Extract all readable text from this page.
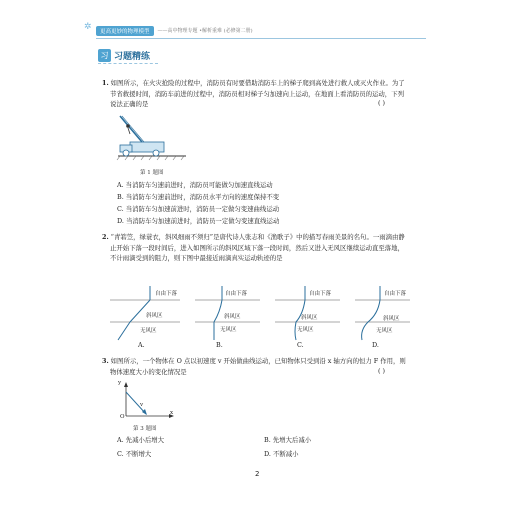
✲	更高更妙的物理模型	——高中物理专题 •解析重难 (必修第二册)
习 习题精练
1. 如图所示，在火灾抢险的过程中，消防员有时要借助消防车上的梯子爬到高处进行救人或灭火作业。为了节省救援时间，消防车前进的过程中，消防员相对梯子匀加速向上运动，在地面上看消防员的运动，下列说法正确的是	( )
第 1 题图
A. 当消防车匀速前进时，消防员可能做匀加速直线运动
B. 当消防车匀速前进时，消防员水平方向的速度保持不变
C. 当消防车匀加速前进时，消防员一定做匀变速曲线运动
D. 当消防车匀加速前进时，消防员一定做匀变速直线运动
2. “青箬笠，绿蓑衣，斜风细雨不须归”是唐代诗人张志和《渔歌子》中的描写春雨美景的名句。一雨滴由静止开始下落一段时间后，进入如图所示的斜风区域下落一段时间，然后又进入无风区继续运动直至落地，不计雨滴受到的阻力，则下图中最接近雨滴真实运动轨迹的是
自由下落
斜风区
无风区
自由下落
斜风区
无风区
自由下落
斜风区
无风区
自由下落
斜风区
无风区
A.	B.	C.	D.
3. 如图所示，一个物体在 O 点以初速度 v 开始做曲线运动，已知物体只受到沿 x 轴方向的恒力 F 作用，则物体速度大小的变化情况是	( )
y
x
O
v
第 3 题图
A. 先减小后增大	B. 先增大后减小
C. 不断增大	D. 不断减小
2
